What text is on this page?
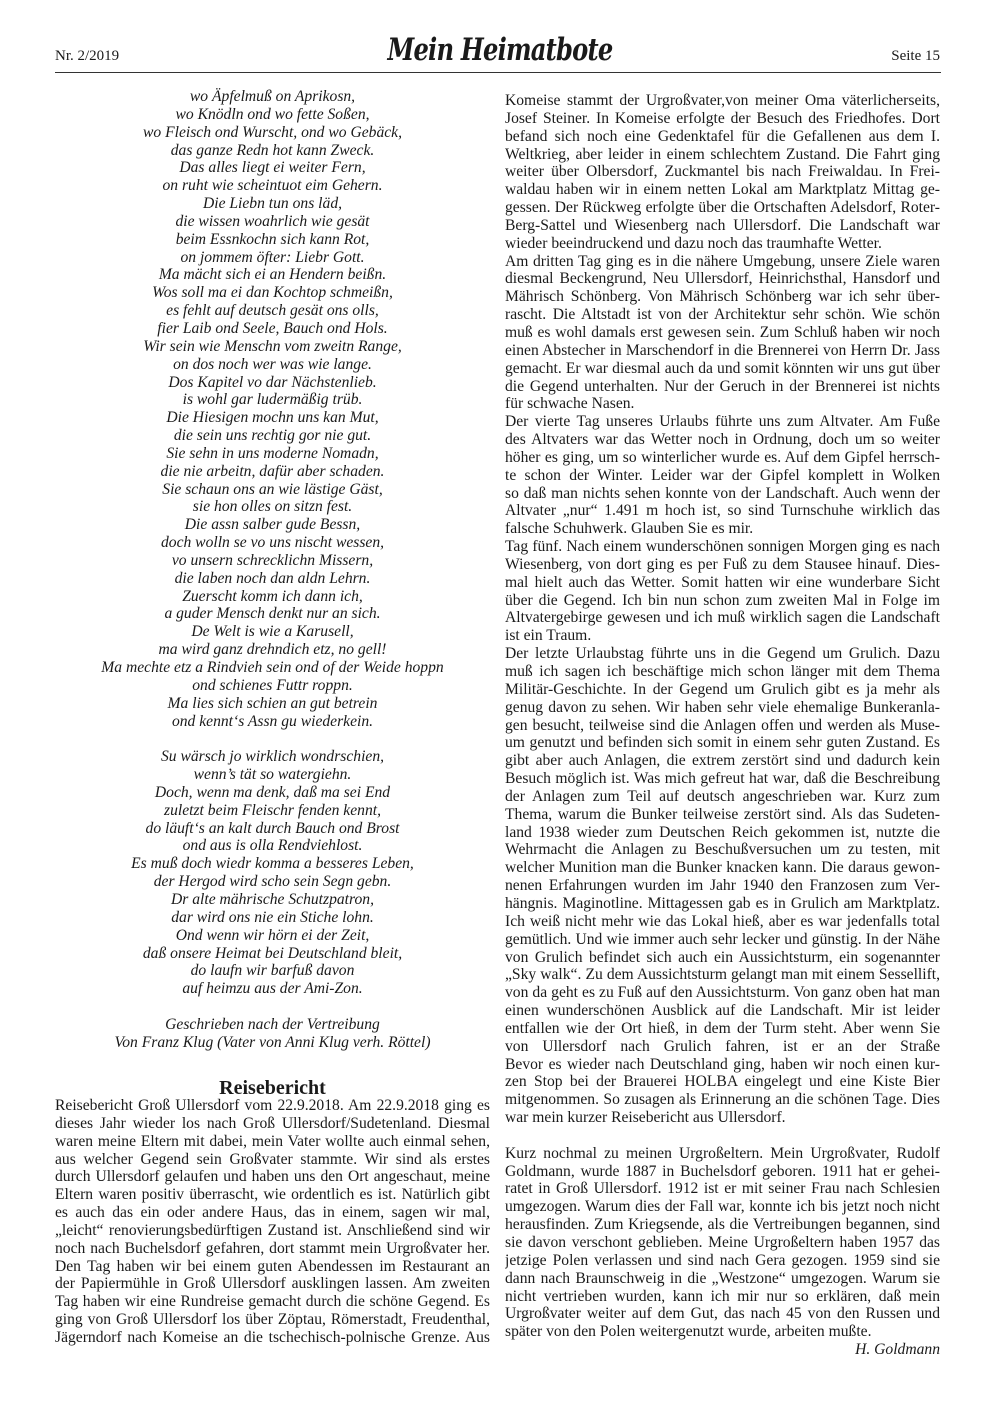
Nr. 2/2019	Mein Heimatbote	Seite 15
wo Äpfelmuß on Aprikosn,
wo Knödln ond wo fette Soßen,
wo Fleisch ond Wurscht, ond wo Gebäck,
das ganze Redn hot kann Zweck.
Das alles liegt ei weiter Fern,
on ruht wie scheintuot eim Gehern.
Die Liebn tun ons läd,
die wissen woahrlich wie gesät
beim Essnkochn sich kann Rot,
on jommem öfter: Liebr Gott.
Ma mächt sich ei an Hendern beißn.
Wos soll ma ei dan Kochtop schmeißn,
es fehlt auf deutsch gesät ons olls,
fier Laib ond Seele, Bauch ond Hols.
Wir sein wie Menschn vom zweitn Range,
on dos noch wer was wie lange.
Dos Kapitel vo dar Nächstenlieb.
is wohl gar ludermäßig trüb.
Die Hiesigen mochn uns kan Mut,
die sein uns rechtig gor nie gut.
Sie sehn in uns moderne Nomadn,
die nie arbeitn, dafür aber schaden.
Sie schaun ons an wie lästige Gäst,
sie hon olles on sitzn fest.
Die assn salber gude Bessn,
doch wolln se vo uns nischt wessen,
vo unsern schrecklichn Missern,
die laben noch dan aldn Lehrn.
Zuerscht komm ich dann ich,
a guder Mensch denkt nur an sich.
De Welt is wie a Karusell,
ma wird ganz drehndich etz, no gell!
Ma mechte etz a Rindvieh sein ond of der Weide hoppn
ond schienes Futtr roppn.
Ma lies sich schien an gut betrein
ond kennt‘s Assn gu wiederkein.
Su wärsch jo wirklich wondrschien,
wenn’s tät so watergiehn.
Doch, wenn ma denk, daß ma sei End
zuletzt beim Fleischr fenden kennt,
do läuft‘s an kalt durch Bauch ond Brost
ond aus is olla Rendviehlost.
Es muß doch wiedr komma a besseres Leben,
der Hergod wird scho sein Segn gebn.
Dr alte mährische Schutzpatron,
dar wird ons nie ein Stiche lohn.
Ond wenn wir hörn ei der Zeit,
daß onsere Heimat bei Deutschland bleit,
do laufn wir barfuß davon
auf heimzu aus der Ami-Zon.
Geschrieben nach der Vertreibung
Von Franz Klug (Vater von Anni Klug verh. Röttel)
Reisebericht
Reisebericht Groß Ullersdorf vom 22.9.2018. Am 22.9.2018 ging es
dieses Jahr wieder los nach Groß Ullersdorf/Sudetenland. Diesmal
waren meine Eltern mit dabei, mein Vater wollte auch einmal sehen,
aus welcher Gegend sein Großvater stammte. Wir sind als erstes
durch Ullersdorf gelaufen und haben uns den Ort angeschaut, meine
Eltern waren positiv überrascht, wie ordentlich es ist. Natürlich gibt
es auch das ein oder andere Haus, das in einem, sagen wir mal,
„leicht“ renovierungsbedürftigen Zustand ist. Anschließend sind wir
noch nach Buchelsdorf gefahren, dort stammt mein Urgroßvater her.
Den Tag haben wir bei einem guten Abendessen im Restaurant an
der Papiermühle in Groß Ullersdorf ausklingen lassen. Am zweiten
Tag haben wir eine Rundreise gemacht durch die schöne Gegend. Es
ging von Groß Ullersdorf los über Zöptau, Römerstadt, Freudenthal,
Jägerndorf nach Komeise an die tschechisch-polnische Grenze. Aus
Komeise stammt der Urgroßvater,von meiner Oma väterlicherseits,
Josef Steiner. In Komeise erfolgte der Besuch des Friedhofes. Dort
befand sich noch eine Gedenktafel für die Gefallenen aus dem I.
Weltkrieg, aber leider in einem schlechtem Zustand. Die Fahrt ging
weiter über Olbersdorf, Zuckmantel bis nach Freiwaldau. In Frei-
waldau haben wir in einem netten Lokal am Marktplatz Mittag ge-
gessen. Der Rückweg erfolgte über die Ortschaften Adelsdorf, Roter-
Berg-Sattel und Wiesenberg nach Ullersdorf. Die Landschaft war
wieder beeindruckend und dazu noch das traumhafte Wetter.
Am dritten Tag ging es in die nähere Umgebung, unsere Ziele waren
diesmal Beckengrund, Neu Ullersdorf, Heinrichsthal, Hansdorf und
Mährisch Schönberg. Von Mährisch Schönberg war ich sehr über-
rascht. Die Altstadt ist von der Architektur sehr schön. Wie schön
muß es wohl damals erst gewesen sein. Zum Schluß haben wir noch
einen Abstecher in Marschendorf in die Brennerei von Herrn Dr. Jass
gemacht. Er war diesmal auch da und somit könnten wir uns gut über
die Gegend unterhalten. Nur der Geruch in der Brennerei ist nichts
für schwache Nasen.
Der vierte Tag unseres Urlaubs führte uns zum Altvater. Am Fuße
des Altvaters war das Wetter noch in Ordnung, doch um so weiter
höher es ging, um so winterlicher wurde es. Auf dem Gipfel herrsch-
te schon der Winter. Leider war der Gipfel komplett in Wolken
so daß man nichts sehen konnte von der Landschaft. Auch wenn der
Altvater „nur“ 1.491 m hoch ist, so sind Turnschuhe wirklich das
falsche Schuhwerk. Glauben Sie es mir.
Tag fünf. Nach einem wunderschönen sonnigen Morgen ging es nach
Wiesenberg, von dort ging es per Fuß zu dem Stausee hinauf. Dies-
mal hielt auch das Wetter. Somit hatten wir eine wunderbare Sicht
über die Gegend. Ich bin nun schon zum zweiten Mal in Folge im
Altvatergebirge gewesen und ich muß wirklich sagen die Landschaft
ist ein Traum.
Der letzte Urlaubstag führte uns in die Gegend um Grulich. Dazu
muß ich sagen ich beschäftige mich schon länger mit dem Thema
Militär-Geschichte. In der Gegend um Grulich gibt es ja mehr als
genug davon zu sehen. Wir haben sehr viele ehemalige Bunkeranla-
gen besucht, teilweise sind die Anlagen offen und werden als Muse-
um genutzt und befinden sich somit in einem sehr guten Zustand. Es
gibt aber auch Anlagen, die extrem zerstört sind und dadurch kein
Besuch möglich ist. Was mich gefreut hat war, daß die Beschreibung
der Anlagen zum Teil auf deutsch angeschrieben war. Kurz zum
Thema, warum die Bunker teilweise zerstört sind. Als das Sudeten-
land 1938 wieder zum Deutschen Reich gekommen ist, nutzte die
Wehrmacht die Anlagen zu Beschußversuchen um zu testen, mit
welcher Munition man die Bunker knacken kann. Die daraus gewon-
nenen Erfahrungen wurden im Jahr 1940 den Franzosen zum Ver-
hängnis. Maginotline. Mittagessen gab es in Grulich am Marktplatz.
Ich weiß nicht mehr wie das Lokal hieß, aber es war jedenfalls total
gemütlich. Und wie immer auch sehr lecker und günstig. In der Nähe
von Grulich befindet sich auch ein Aussichtsturm, ein sogenannter
„Sky walk“. Zu dem Aussichtsturm gelangt man mit einem Sessellift,
von da geht es zu Fuß auf den Aussichtsturm. Von ganz oben hat man
einen wunderschönen Ausblick auf die Landschaft. Mir ist leider
entfallen wie der Ort hieß, in dem der Turm steht. Aber wenn Sie
von Ullersdorf nach Grulich fahren, ist er an der Straße
Bevor es wieder nach Deutschland ging, haben wir noch einen kur-
zen Stop bei der Brauerei HOLBA eingelegt und eine Kiste Bier
mitgenommen. So zusagen als Erinnerung an die schönen Tage. Dies
war mein kurzer Reisebericht aus Ullersdorf.
Kurz nochmal zu meinen Urgroßeltern. Mein Urgroßvater, Rudolf
Goldmann, wurde 1887 in Buchelsdorf geboren. 1911 hat er gehei-
ratet in Groß Ullersdorf. 1912 ist er mit seiner Frau nach Schlesien
umgezogen. Warum dies der Fall war, konnte ich bis jetzt noch nicht
herausfinden. Zum Kriegsende, als die Vertreibungen begannen, sind
sie davon verschont geblieben. Meine Urgroßeltern haben 1957 das
jetzige Polen verlassen und sind nach Gera gezogen. 1959 sind sie
dann nach Braunschweig in die „Westzone“ umgezogen. Warum sie
nicht vertrieben wurden, kann ich mir nur so erklären, daß mein
Urgroßvater weiter auf dem Gut, das nach 45 von den Russen und
später von den Polen weitergenutzt wurde, arbeiten mußte.
H. Goldmann
